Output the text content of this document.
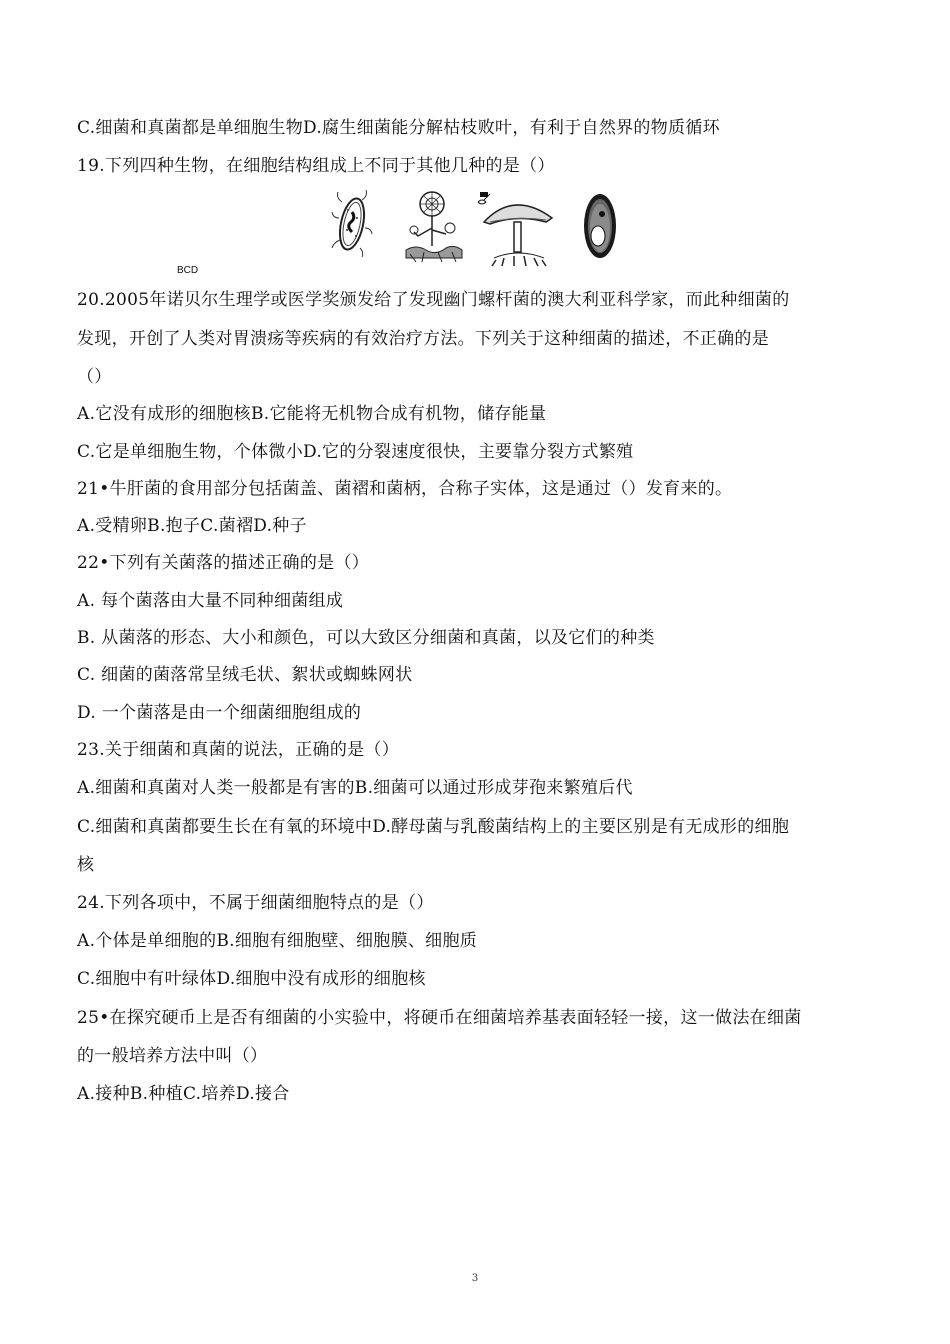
C.细菌和真菌都是单细胞生物D.腐生细菌能分解枯枝败叶，有利于自然界的物质循环
19.下列四种生物，在细胞结构组成上不同于其他几种的是（）
BCD
20.2005年诺贝尔生理学或医学奖颁发给了发现幽门螺杆菌的澳大利亚科学家，而此种细菌的
发现，开创了人类对胃溃疡等疾病的有效治疗方法。下列关于这种细菌的描述，不正确的是
（）
A.它没有成形的细胞核B.它能将无机物合成有机物，储存能量
C.它是单细胞生物，个体微小D.它的分裂速度很快，主要靠分裂方式繁殖
21•牛肝菌的食用部分包括菌盖、菌褶和菌柄，合称子实体，这是通过（）发育来的。
A.受精卵B.抱子C.菌褶D.种子
22•下列有关菌落的描述正确的是（）
A. 每个菌落由大量不同种细菌组成
B. 从菌落的形态、大小和颜色，可以大致区分细菌和真菌，以及它们的种类
C. 细菌的菌落常呈绒毛状、絮状或蜘蛛网状
D. 一个菌落是由一个细菌细胞组成的
23.关于细菌和真菌的说法，正确的是（）
A.细菌和真菌对人类一般都是有害的B.细菌可以通过形成芽孢来繁殖后代
C.细菌和真菌都要生长在有氧的环境中D.酵母菌与乳酸菌结构上的主要区别是有无成形的细胞
核
24.下列各项中，不属于细菌细胞特点的是（）
A.个体是单细胞的B.细胞有细胞壁、细胞膜、细胞质
C.细胞中有叶绿体D.细胞中没有成形的细胞核
25•在探究硬币上是否有细菌的小实验中，将硬币在细菌培养基表面轻轻一接，这一做法在细菌
的一般培养方法中叫（）
A.接种B.种植C.培养D.接合
3
